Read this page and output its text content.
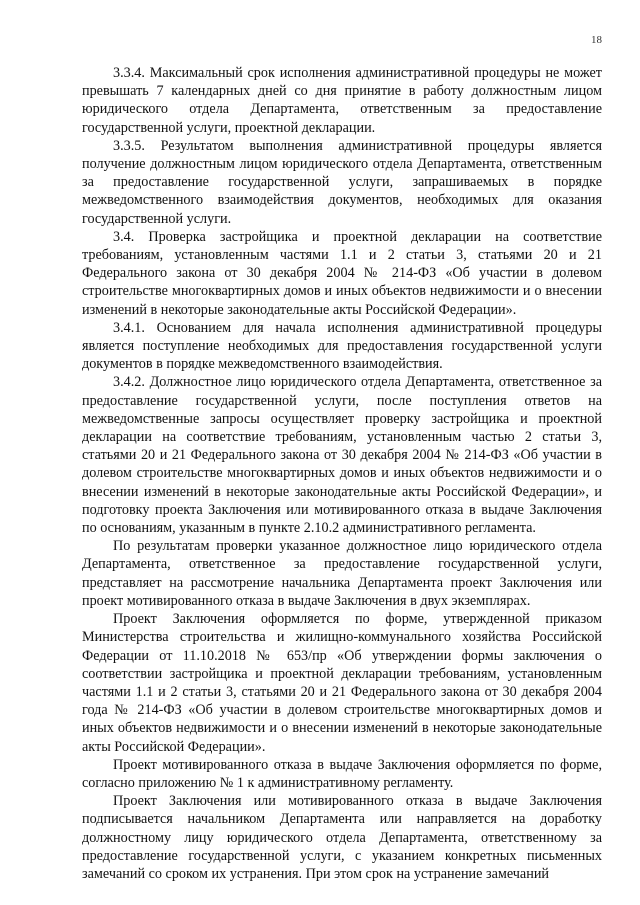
18

3.3.4. Максимальный срок исполнения административной процедуры не может превышать 7 календарных дней со дня принятие в работу должностным лицом юридического отдела Департамента, ответственным за предоставление государственной услуги, проектной декларации.

3.3.5. Результатом выполнения административной процедуры является получение должностным лицом юридического отдела Департамента, ответственным за предоставление государственной услуги, запрашиваемых в порядке межведомственного взаимодействия документов, необходимых для оказания государственной услуги.

3.4. Проверка застройщика и проектной декларации на соответствие требованиям, установленным частями 1.1 и 2 статьи 3, статьями 20 и 21 Федерального закона от 30 декабря 2004 № 214-ФЗ «Об участии в долевом строительстве многоквартирных домов и иных объектов недвижимости и о внесении изменений в некоторые законодательные акты Российской Федерации».

3.4.1. Основанием для начала исполнения административной процедуры является поступление необходимых для предоставления государственной услуги документов в порядке межведомственного взаимодействия.

3.4.2. Должностное лицо юридического отдела Департамента, ответственное за предоставление государственной услуги, после поступления ответов на межведомственные запросы осуществляет проверку застройщика и проектной декларации на соответствие требованиям, установленным частью 2 статьи 3, статьями 20 и 21 Федерального закона от 30 декабря 2004 № 214-ФЗ «Об участии в долевом строительстве многоквартирных домов и иных объектов недвижимости и о внесении изменений в некоторые законодательные акты Российской Федерации», и подготовку проекта Заключения или мотивированного отказа в выдаче Заключения по основаниям, указанным в пункте 2.10.2 административного регламента.

По результатам проверки указанное должностное лицо юридического отдела Департамента, ответственное за предоставление государственной услуги, представляет на рассмотрение начальника Департамента проект Заключения или проект мотивированного отказа в выдаче Заключения в двух экземплярах.

Проект Заключения оформляется по форме, утвержденной приказом Министерства строительства и жилищно-коммунального хозяйства Российской Федерации от 11.10.2018 № 653/пр «Об утверждении формы заключения о соответствии застройщика и проектной декларации требованиям, установленным частями 1.1 и 2 статьи 3, статьями 20 и 21 Федерального закона от 30 декабря 2004 года № 214-ФЗ «Об участии в долевом строительстве многоквартирных домов и иных объектов недвижимости и о внесении изменений в некоторые законодательные акты Российской Федерации».

Проект мотивированного отказа в выдаче Заключения оформляется по форме, согласно приложению № 1 к административному регламенту.

Проект Заключения или мотивированного отказа в выдаче Заключения подписывается начальником Департамента или направляется на доработку должностному лицу юридического отдела Департамента, ответственному за предоставление государственной услуги, с указанием конкретных письменных замечаний со сроком их устранения. При этом срок на устранение замечаний
